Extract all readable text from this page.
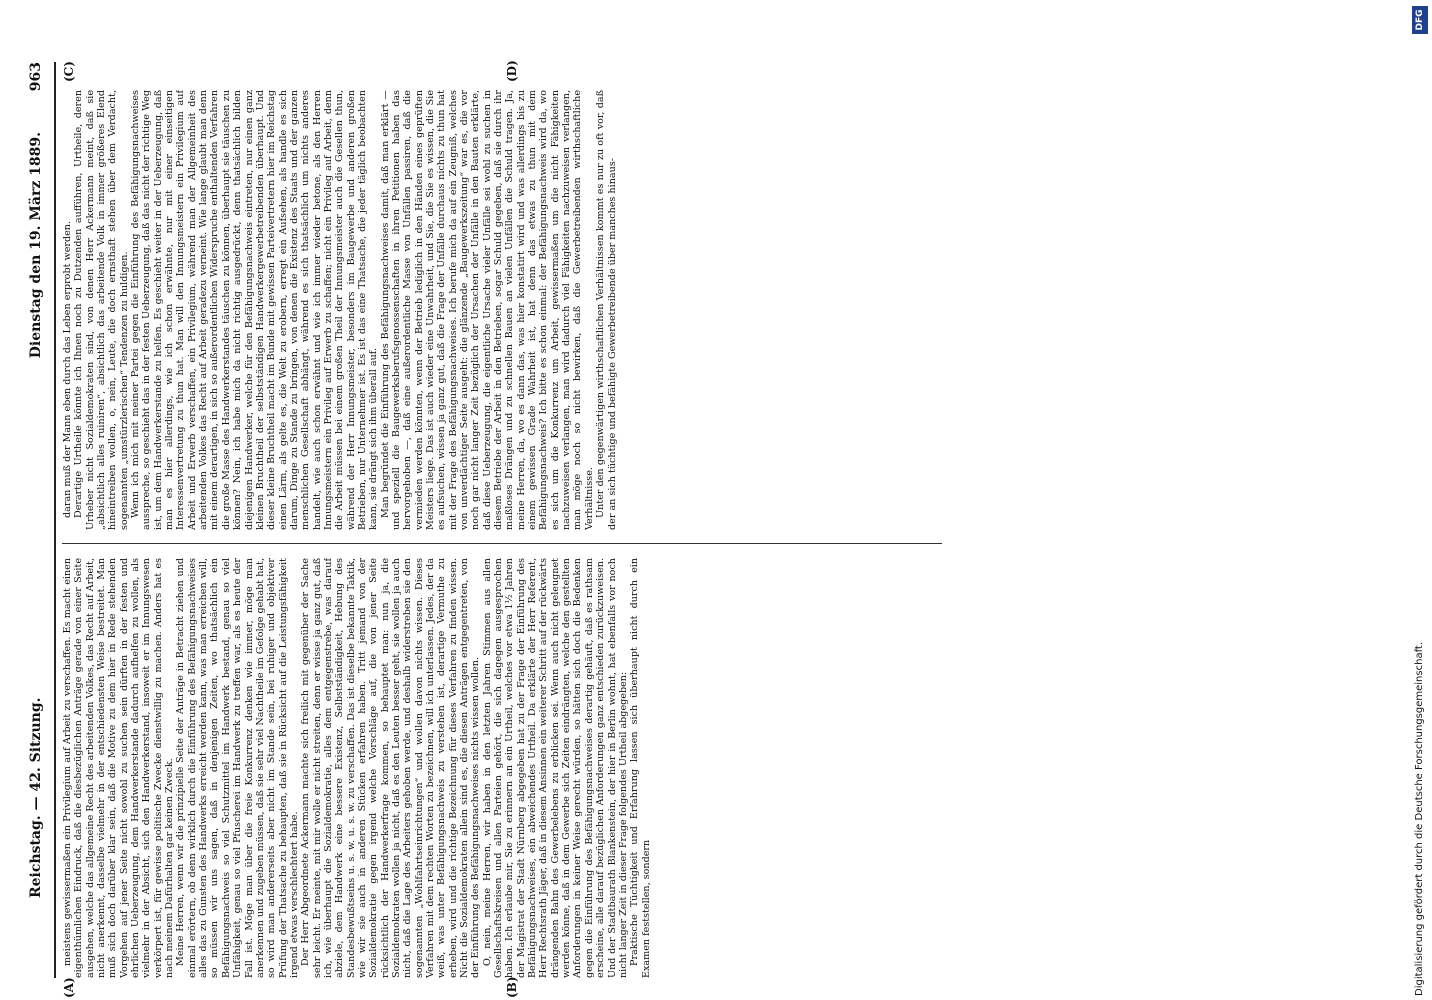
Reichstag. — 42. Sitzung.
Dienstag den 19. März 1889.
963
(A)	(B)
(C)	(D)

meistens gewissermaßen ein Privilegium auf Arbeit zu verschaffen. Es macht einen eigenthümlichen Eindruck, daß die diesbezüglichen Anträge gerade von einer Seite ausgehen, welche das allgemeine Recht des arbeitenden Volkes, das Recht auf Arbeit, nicht anerkennt, dasselbe vielmehr in der entschiedensten Weise bestreitet. Man muß sich doch darüber klar sein, daß die Motive zu dem hier in Rede stehenden Vorgehen auf jener Seite nicht sowohl zu suchen sein dürften in der festen und ehrlichen Ueberzeugung, dem Handwerkerstande dadurch aufhelfen zu wollen, als vielmehr in der Absicht, sich den Handwerkerstand, insoweit er im Innungswesen verkörpert ist, für gewisse politische Zwecke dienstwillig zu machen. Anders hat es nach meinem Dafürhalten gar keinen Zweck. Meine Herren, wenn wir die prinzipielle Seite der Anträge in Betracht ziehen und einmal erörtern, ob denn wirklich durch die Einführung des Befähigungsnachweises alles das zu Gunsten des Handwerks erreicht werden kann, was man erreichen will, so müssen wir uns sagen, daß in denjenigen Zeiten, wo thatsächlich ein Befähigungsnachweis so viel Schutzmittel im Handwerk bestand, genau so viel Unfähigkeit, genau so viel Pfuscherei im Handwerk zu treffen war, als es heute der Fall ist. Möge man über die freie Konkurrenz denken wie immer, möge man anerkennen und zugeben müssen, daß sie sehr viel Nachtheile im Gefolge gehabt hat, so wird man andererseits aber nicht im Stande sein, bei ruhiger und objektiver Prüfung der Thatsache zu behaupten, daß sie in Rücksicht auf die Leistungsfähigkeit irgend etwas verschlechtert habe. Der Herr Abgeordnete Ackermann machte sich freilich mit gegenüber der Sache sehr leicht. Er meinte, mit mir wolle er nicht streiten, denn er wisse ja ganz gut, daß ich, wie überhaupt die Sozialdemokratie, alles dem entgegenstrebe, was darauf abziele, dem Handwerk eine bessere Existenz, Selbstständigkeit, Hebung des Standesbewußtseins u. s. w. u. s. w. zu verschaffen. Das ist dieselbe bekannte Taktik, wie wir sie auch in anderen Stücken erfahren haben. Tritt jemand von der Sozialdemokratie gegen irgend welche Vorschläge auf, die von jener Seite rücksichtlich der Handwerkerfrage kommen, so behauptet man: nun ja, die Sozialdemokraten wollen ja nicht, daß es den Leuten besser geht, sie wollen ja auch nicht, daß die Lage des Arbeiters gehoben werde, und deshalb widerstreben sie den sogenannten „Wohlfahrtseinrichtungen“ und wollen davon nichts wissen. Dieses Verfahren mit dem rechten Worten zu bezeichnen, will ich unterlassen. Jedes, der da weiß, was unter Befähigungsnachweis zu verstehen ist, derartige Vermuthe zu erheben, wird und die richtige Bezeichnung für dieses Verfahren zu finden wissen. Nicht die Sozialdemokraten allein sind es, die diesen Anträgen entgegentreten, von der Einführung des Befähigungsnachweises nichts wissen wollen. O, nein, meine Herren, wir haben in den letzten Jahren Stimmen aus allen Gesellschaftskreisen und allen Parteien gehört, die sich dagegen ausgesprochen haben. Ich erlaube mir, Sie zu erinnern an ein Urtheil, welches vor etwa 1½ Jahren der Magistrat der Stadt Nürnberg abgegeben hat zu der Frage der Einführung des Befähigungsnachweises, ein abweichendes Urtheil. Da erklärte der Herr Referent, Herr Rechtsrath Jäger, daß in diesem Ansinnen ein weiterer Schritt auf der rückwärts drängenden Bahn des Gewerbelebens zu erblicken sei. Wenn auch nicht geleugnet werden könne, daß in dem Gewerbe sich Zeiten eindrängten, welche den gestellten Anforderungen in keiner Weise gerecht würden, so hätten sich doch die Bedenken gegen die Einführung des Befähigungsnachweises derartig gehäuft, daß es rathsam erscheine, alle darauf bezüglichen Anforderungen ganz entschieden zurückzuweisen. Und der Stadtbaurath Blankenstein, der hier in Berlin wohnt, hat ebenfalls vor noch nicht langer Zeit in dieser Frage folgendes Urtheil abgegeben: Praktische Tüchtigkeit und Erfahrung lassen sich überhaupt nicht durch ein Examen feststellen, sondern

daran muß der Mann eben durch das Leben erprobt werden. Derartige Urtheile könnte ich Ihnen noch zu Dutzenden aufführen, Urtheile, deren Urheber nicht Sozialdemokraten sind, von denen Herr Ackermann meint, daß sie „absichtlich alles ruiniren“, absichtlich das arbeitende Volk in immer größeres Elend hineintreiben wollen, o, nein, Leute, die doch ernsthaft stehen über dem Verdacht, sogenannten „umstürzlerischen“ Tendenzen zu huldigen. Wenn ich mich mit meiner Partei gegen die Einführung des Befähigungsnachweises ausspreche, so geschieht das in der festen Ueberzeugung, daß das nicht der richtige Weg ist, um dem Handwerkerstande zu helfen. Es geschieht weiter in der Ueberzeugung, daß man es hier allerdings, wie ich schon erwähnte, nur mit einer einseitigen Interessenvertretung zu thun hat. Man will den Innungsmeistern ein Privilegium auf Arbeit und Erwerb verschaffen, ein Privilegium, während man der Allgemeinheit des arbeitenden Volkes das Recht auf Arbeit geradezu verneint. Wie lange glaubt man denn mit einem derartigen, in sich so außerordentlichen Widerspruche enthaltenden Verfahren die große Masse des Handwerkerstandes täuschen zu können, überhaupt sie täuschen zu können? Nein, ich habe mich da nicht richtig ausgedrückt, denn thatsächlich bilden diejenigen Handwerker, welche für den Befähigungsnachweis eintreten, nur einen ganz kleinen Bruchtheil der selbstständigen Handwerkergewerbetreibenden überhaupt. Und dieser kleine Bruchtheil macht im Bunde mit gewissen Parteivertretern hier im Reichstag einen Lärm, als gelte es, die Welt zu erobern, erregt ein Aufsehen, als handle es sich darum, Dinge zu Stande zu bringen, von denen die Existenz des Staats und der ganzen menschlichen Gesellschaft abhängt, während es sich thatsächlich um nichts anderes handelt, wie auch schon erwähnt und wie ich immer wieder betone, als den Herren Innungsmeistern ein Privileg auf Erwerb zu schaffen; nicht ein Privileg auf Arbeit, denn die Arbeit müssen bei einem großen Theil der Innungsmeister auch die Gesellen thun, während der Herr Innungsmeister, besonders im Baugewerbe und anderen großen Betrieben, nur Unternehmer ist. Es ist das eine Thatsache, die jeder täglich beobachten kann, sie drängt sich ihm überall auf. Man begründet die Einführung des Befähigungsnachweises damit, daß man erklärt — und speziell die Baugewerksberufsgenossenschaften in ihren Petitionen haben das hervorgehoben —, daß eine außerordentliche Masse von Unfällen passiren, daß die vermieden werden könnten, wenn der Betrieb lediglich in den Händen eines geprüften Meisters liege. Das ist auch wieder eine Unwahrheit, und Sie, die Sie es wissen, die Sie es aufsuchen, wissen ja ganz gut, daß die Frage der Unfälle durchaus nichts zu thun hat mit der Frage des Befähigungsnachweises. Ich berufe mich da auf ein Zeugniß, welches von unverdächtiger Seite ausgeht: die glänzende „Baugewerkszeitung“ war es, die vor noch gar nicht langer Zeit bezüglich der Ursachen der Unfälle in den Bauten erklärte, daß diese Ueberzeugung, die eigentliche Ursache vieler Unfälle sei wohl zu suchen in diesem Betriebe der Arbeit in den Betrieben, sogar Schuld gegeben, daß sie durch ihr maßloses Drängen und zu schnellen Bauen an vielen Unfällen die Schuld tragen. Ja, meine Herren, da, wo es dann das, was hier konstatirt wird und was allerdings bis zu einem gewissen Grade Wahrheit ist, hat denn das etwas zu thun mit dem Befähigungsnachweis? Ich bitte es schon einmal: der Befähigungsnachweis wird da, wo es sich um die Konkurrenz um Arbeit, gewissermaßen um die nicht Fähigkeiten nachzuweisen verlangen, man wird dadurch viel Fähigkeiten nachzuweisen verlangen, man möge noch so nicht bewirken, daß die Gewerbetreibenden wirthschaftliche Verhältnisse. Unter den gegenwärtigen wirthschaftlichen Verhältnissen kommt es nur zu oft vor, daß der an sich tüchtige und befähigte Gewerbetreibende über manches hinaus-

Digitalisierung gefördert durch die Deutsche Forschungsgemeinschaft.
DFG
